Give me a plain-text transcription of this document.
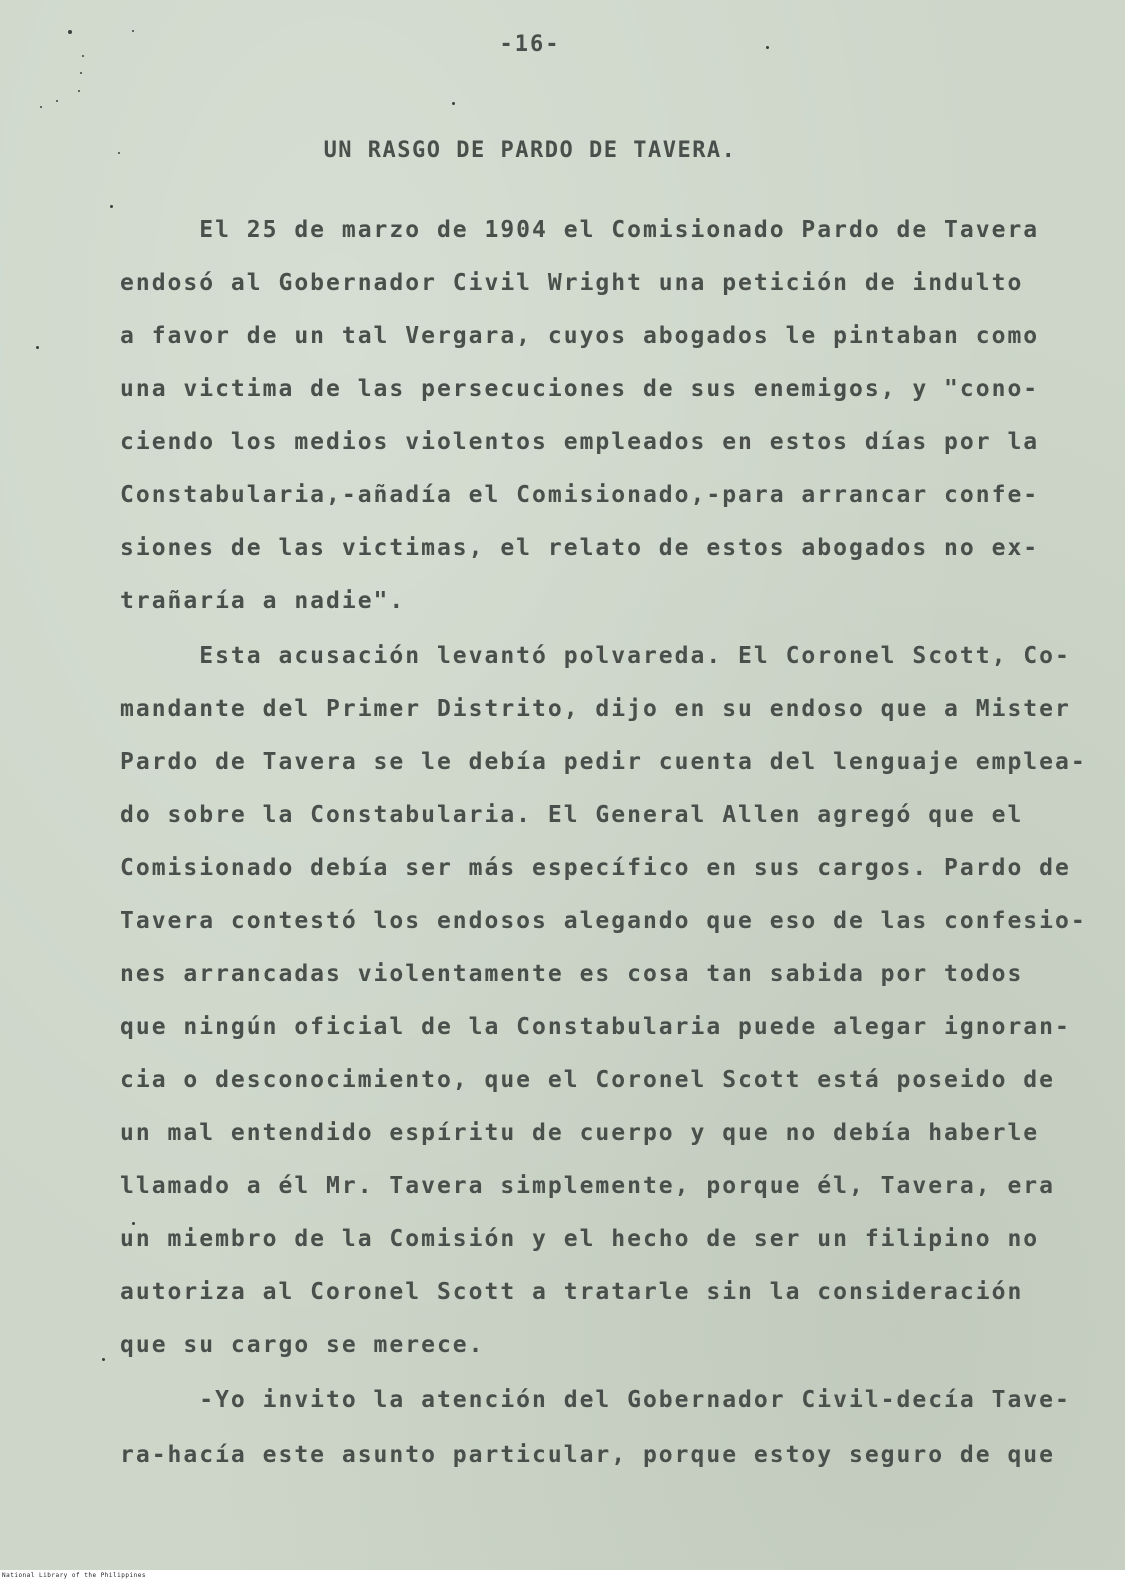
-16-
UN RASGO DE PARDO DE TAVERA.
El 25 de marzo de 1904 el Comisionado Pardo de Tavera
endosó al Gobernador Civil Wright una petición de indulto
a favor de un tal Vergara, cuyos abogados le pintaban como
una victima de las persecuciones de sus enemigos, y "cono-
ciendo los medios violentos empleados en estos días por la
Constabularia,-añadía el Comisionado,-para arrancar confe-
siones de las victimas, el relato de estos abogados no ex-
trañaría a nadie".
Esta acusación levantó polvareda. El Coronel Scott, Co-
mandante del Primer Distrito, dijo en su endoso que a Mister
Pardo de Tavera se le debía pedir cuenta del lenguaje emplea-
do sobre la Constabularia. El General Allen agregó que el
Comisionado debía ser más específico en sus cargos. Pardo de
Tavera contestó los endosos alegando que eso de las confesio-
nes arrancadas violentamente es cosa tan sabida por todos
que ningún oficial de la Constabularia puede alegar ignoran-
cia o desconocimiento, que el Coronel Scott está poseido de
un mal entendido espíritu de cuerpo y que no debía haberle
llamado a él Mr. Tavera simplemente, porque él, Tavera, era
un miembro de la Comisión y el hecho de ser un filipino no
autoriza al Coronel Scott a tratarle sin la consideración
que su cargo se merece.
-Yo invito la atención del Gobernador Civil-decía Tave-
ra-hacía este asunto particular, porque estoy seguro de que
National Library of the Philippines
